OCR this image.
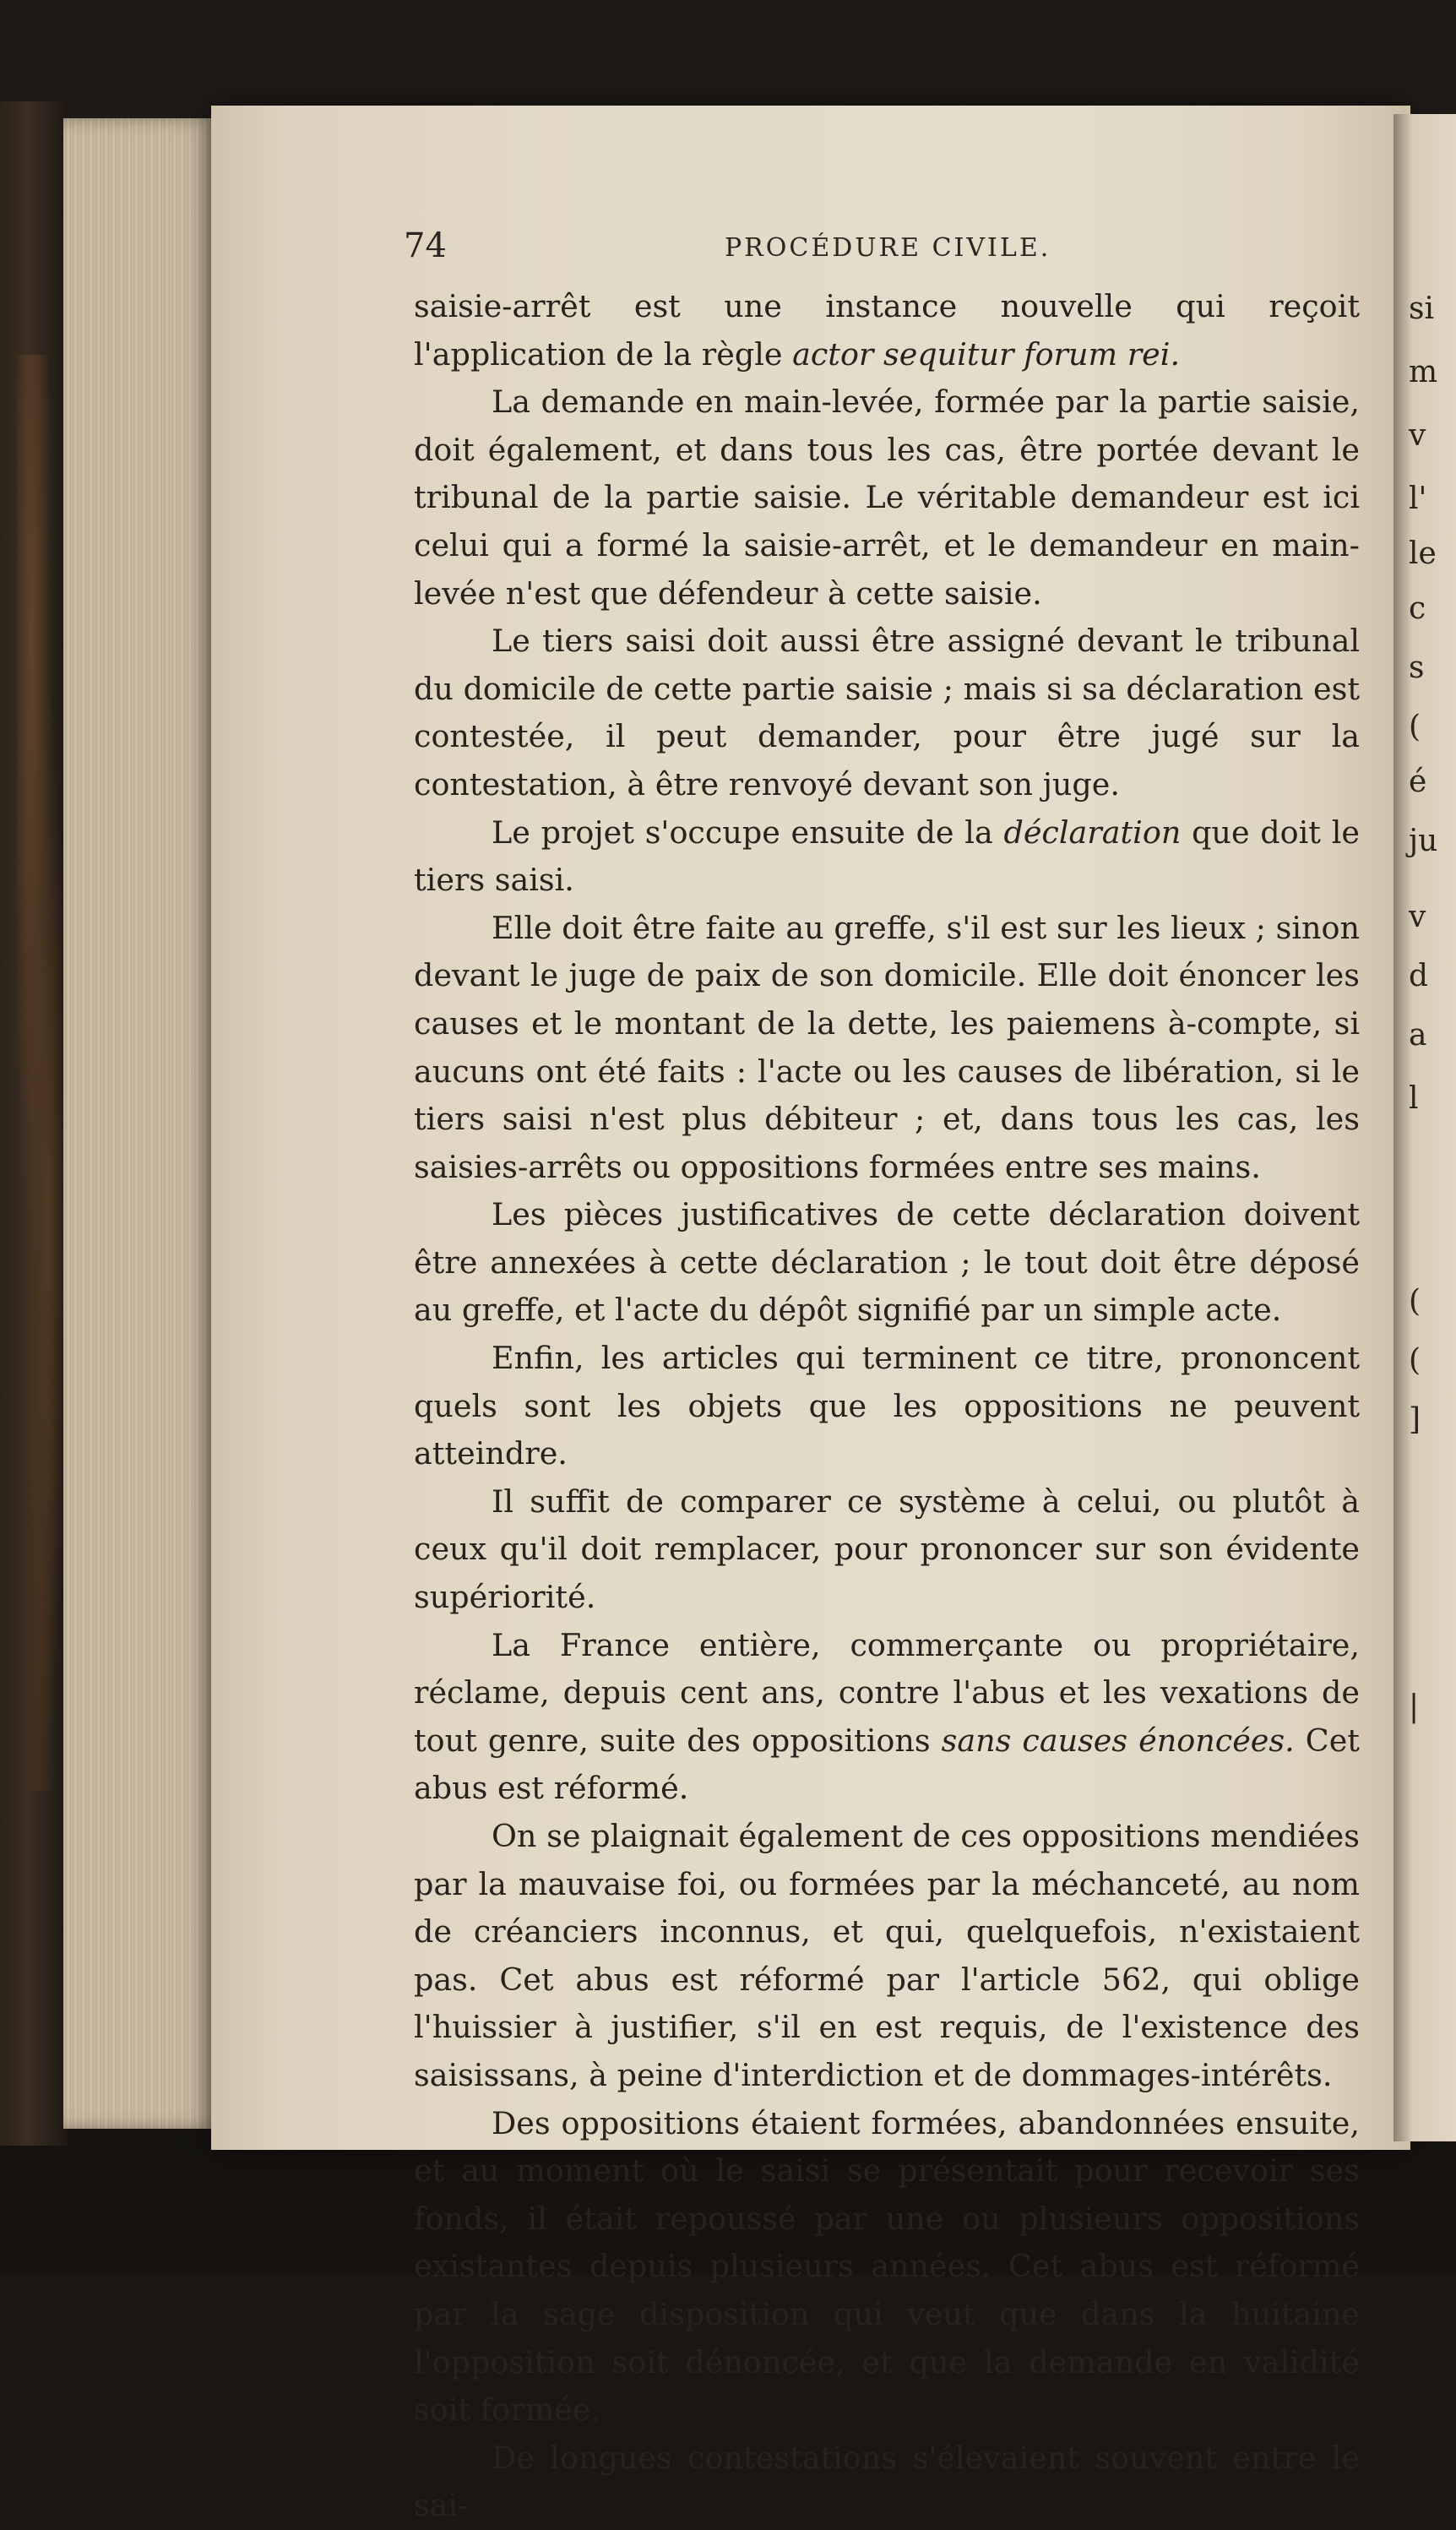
si
m
v
l'
le
c
s
(
é
ju
v
d
a
l
(
(
]
|
74	PROCÉDURE CIVILE.

saisie-arrêt est une instance nouvelle qui reçoit l'application de la règle actor sequitur forum rei.

La demande en main-levée, formée par la partie saisie, doit également, et dans tous les cas, être portée devant le tribunal de la partie saisie. Le véritable demandeur est ici celui qui a formé la saisie-arrêt, et le demandeur en main-levée n'est que défendeur à cette saisie.

Le tiers saisi doit aussi être assigné devant le tribunal du domicile de cette partie saisie ; mais si sa déclaration est contestée, il peut demander, pour être jugé sur la contestation, à être renvoyé devant son juge.

Le projet s'occupe ensuite de la déclaration que doit le tiers saisi.

Elle doit être faite au greffe, s'il est sur les lieux ; sinon devant le juge de paix de son domicile. Elle doit énoncer les causes et le montant de la dette, les paiemens à-compte, si aucuns ont été faits : l'acte ou les causes de libération, si le tiers saisi n'est plus débiteur ; et, dans tous les cas, les saisies-arrêts ou oppositions formées entre ses mains.

Les pièces justificatives de cette déclaration doivent être annexées à cette déclaration ; le tout doit être déposé au greffe, et l'acte du dépôt signifié par un simple acte.

Enfin, les articles qui terminent ce titre, prononcent quels sont les objets que les oppositions ne peuvent atteindre.

Il suffit de comparer ce système à celui, ou plutôt à ceux qu'il doit remplacer, pour prononcer sur son évidente supériorité.

La France entière, commerçante ou propriétaire, réclame, depuis cent ans, contre l'abus et les vexations de tout genre, suite des oppositions sans causes énoncées. Cet abus est réformé.

On se plaignait également de ces oppositions mendiées par la mauvaise foi, ou formées par la méchanceté, au nom de créanciers inconnus, et qui, quelquefois, n'existaient pas. Cet abus est réformé par l'article 562, qui oblige l'huissier à justifier, s'il en est requis, de l'existence des saisissans, à peine d'interdiction et de dommages-intérêts.

Des oppositions étaient formées, abandonnées ensuite, et au moment où le saisi se présentait pour recevoir ses fonds, il était repoussé par une ou plusieurs oppositions existantes depuis plusieurs années. Cet abus est réformé par la sage disposition qui veut que dans la huitaine l'opposition soit dénoncée, et que la demande en validité soit formée.

De longues contestations s'élevaient souvent entre le sai-
